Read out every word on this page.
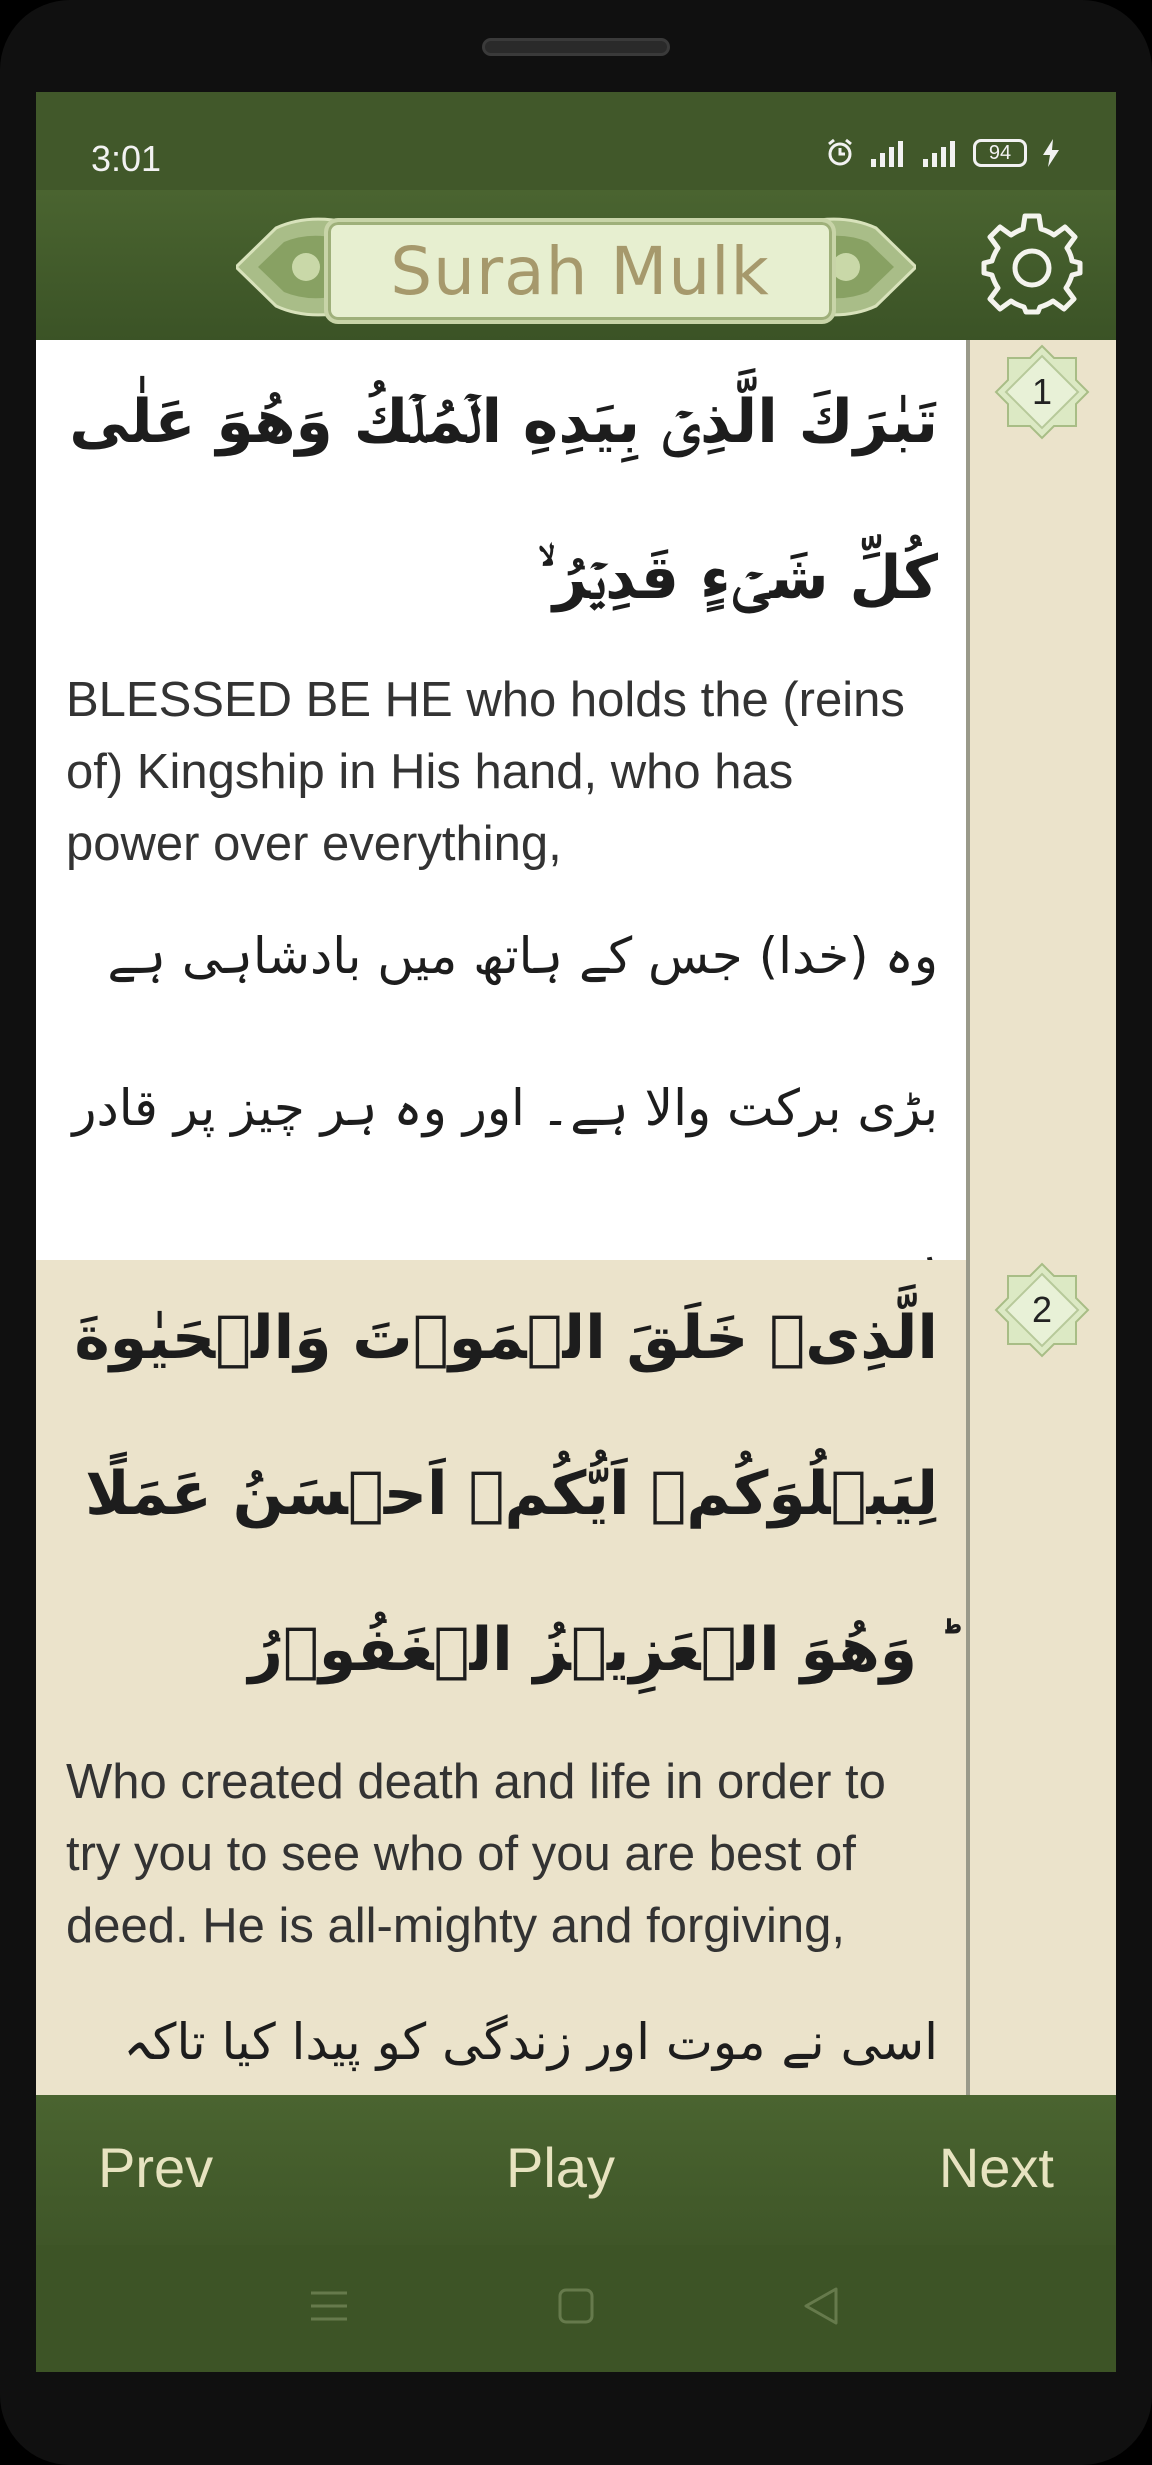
3:01	94
Surah Mulk

تَبٰرَكَ الَّذِىۡ بِيَدِهِ الۡمُلۡكُ وَهُوَ عَلٰى كُلِّ شَىۡءٍ قَدِيۡرُ ۙ

BLESSED BE HE who holds the (reins of) Kingship in His hand, who has power over everything,

وہ (خدا) جس کے ہاتھ میں بادشاہی ہے بڑی برکت والا ہے۔ اور وہ ہر چیز پر قادر

الَّذِىۡ خَلَقَ الۡمَوۡتَ وَالۡحَيٰوةَ لِيَبۡلُوَكُمۡ اَيُّكُمۡ اَحۡسَنُ عَمَلًا ‌ؕ وَهُوَ الۡعَزِيۡزُ الۡغَفُوۡرُ

Who created death and life in order to try you to see who of you are best of deed. He is all-mighty and forgiving,

اسی نے موت اور زندگی کو پیدا کیا تاکہ

1
2
Prev	Play	Next
